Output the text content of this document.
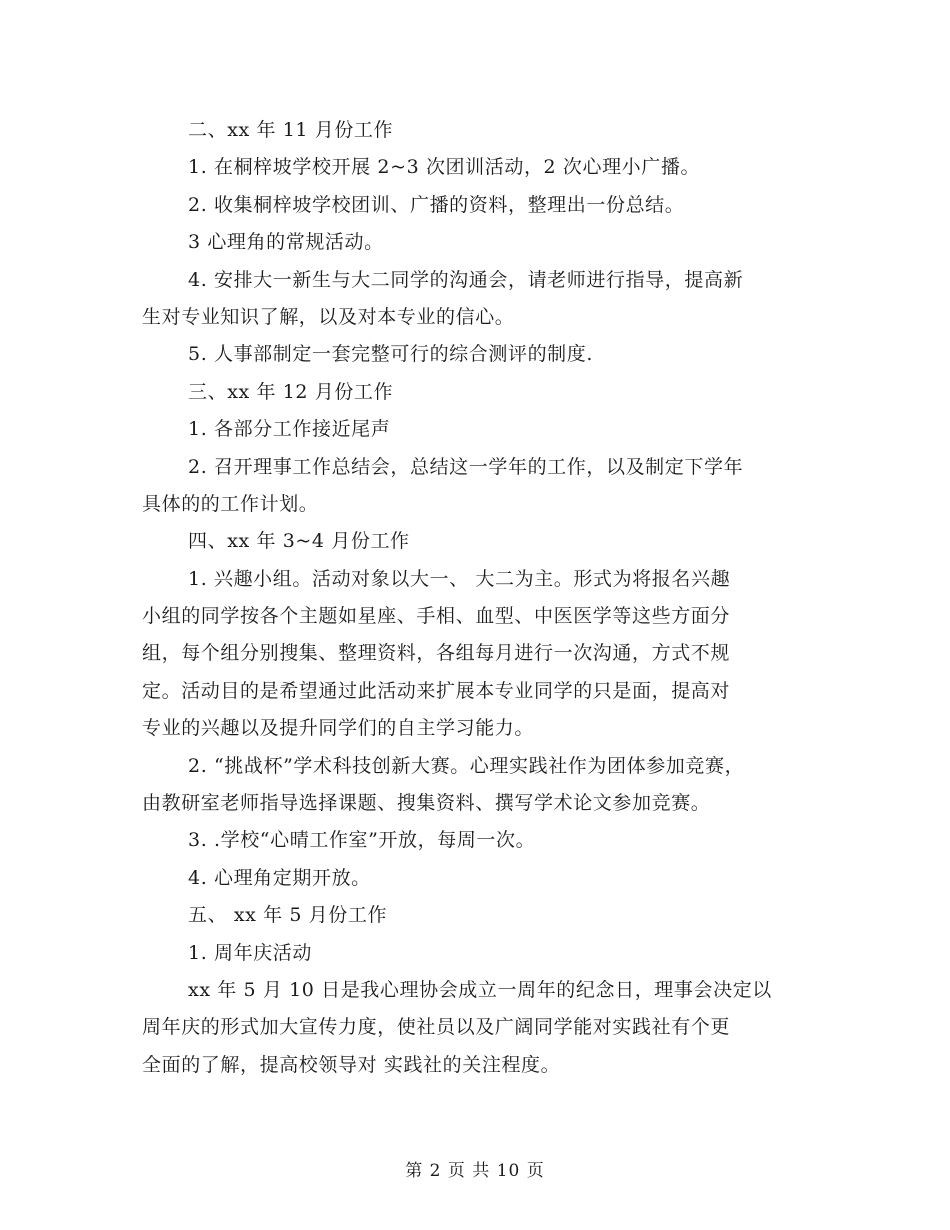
二、xx 年 11 月份工作
1. 在桐梓坡学校开展 2~3 次团训活动，2 次心理小广播。
2. 收集桐梓坡学校团训、广播的资料，整理出一份总结。
3 心理角的常规活动。
4. 安排大一新生与大二同学的沟通会，请老师进行指导，提高新
生对专业知识了解，以及对本专业的信心。
5. 人事部制定一套完整可行的综合测评的制度.
三、xx 年 12 月份工作
1. 各部分工作接近尾声
2. 召开理事工作总结会，总结这一学年的工作，以及制定下学年
具体的的工作计划。
四、xx 年 3~4 月份工作
1. 兴趣小组。活动对象以大一、 大二为主。形式为将报名兴趣
小组的同学按各个主题如星座、手相、血型、中医医学等这些方面分
组，每个组分别搜集、整理资料，各组每月进行一次沟通，方式不规
定。活动目的是希望通过此活动来扩展本专业同学的只是面，提高对
专业的兴趣以及提升同学们的自主学习能力。
2. “挑战杯”学术科技创新大赛。心理实践社作为团体参加竞赛，
由教研室老师指导选择课题、搜集资料、撰写学术论文参加竞赛。
3. .学校“心晴工作室”开放，每周一次。
4. 心理角定期开放。
五、 xx 年 5 月份工作
1. 周年庆活动
xx 年 5 月 10 日是我心理协会成立一周年的纪念日，理事会决定以
周年庆的形式加大宣传力度，使社员以及广阔同学能对实践社有个更
全面的了解，提高校领导对 实践社的关注程度。
第 2 页 共 10 页
